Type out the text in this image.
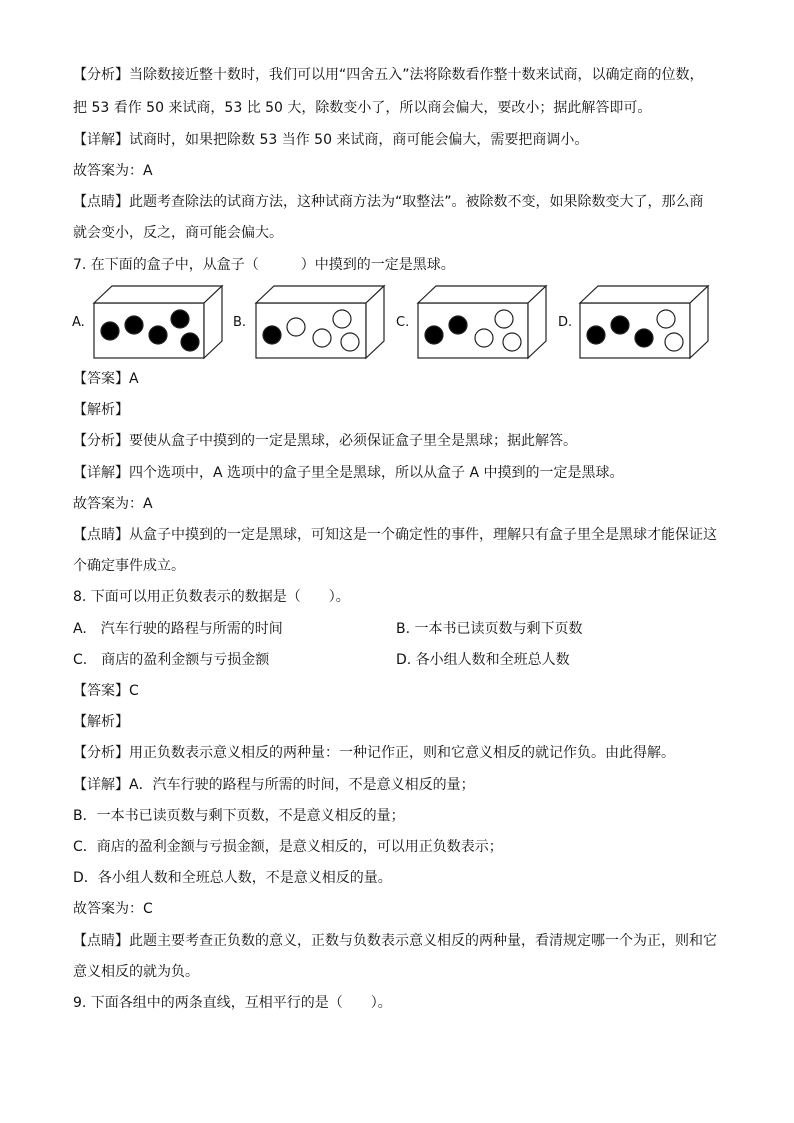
【分析】当除数接近整十数时，我们可以用“四舍五入”法将除数看作整十数来试商，以确定商的位数，
把 53 看作 50 来试商，53 比 50 大，除数变小了，所以商会偏大，要改小；据此解答即可。
【详解】试商时，如果把除数 53 当作 50 来试商，商可能会偏大，需要把商调小。
故答案为：A
【点睛】此题考查除法的试商方法，这种试商方法为“取整法”。被除数不变，如果除数变大了，那么商
就会变小，反之，商可能会偏大。
7. 在下面的盒子中，从盒子（　　　）中摸到的一定是黑球。
A.	B.	C.	D.
【答案】A
【解析】
【分析】要使从盒子中摸到的一定是黑球，必须保证盒子里全是黑球；据此解答。
【详解】四个选项中，A 选项中的盒子里全是黑球，所以从盒子 A 中摸到的一定是黑球。
故答案为：A
【点睛】从盒子中摸到的一定是黑球，可知这是一个确定性的事件，理解只有盒子里全是黑球才能保证这
个确定事件成立。
8. 下面可以用正负数表示的数据是（　　）。
A.　汽车行驶的路程与所需的时间	B. 一本书已读页数与剩下页数
C.　商店的盈利金额与亏损金额	D. 各小组人数和全班总人数
【答案】C
【解析】
【分析】用正负数表示意义相反的两种量：一种记作正，则和它意义相反的就记作负。由此得解。
【详解】A．汽车行驶的路程与所需的时间，不是意义相反的量；
B．一本书已读页数与剩下页数，不是意义相反的量；
C．商店的盈利金额与亏损金额，是意义相反的，可以用正负数表示；
D．各小组人数和全班总人数，不是意义相反的量。
故答案为：C
【点睛】此题主要考查正负数的意义，正数与负数表示意义相反的两种量，看清规定哪一个为正，则和它
意义相反的就为负。
9. 下面各组中的两条直线，互相平行的是（　　）。
